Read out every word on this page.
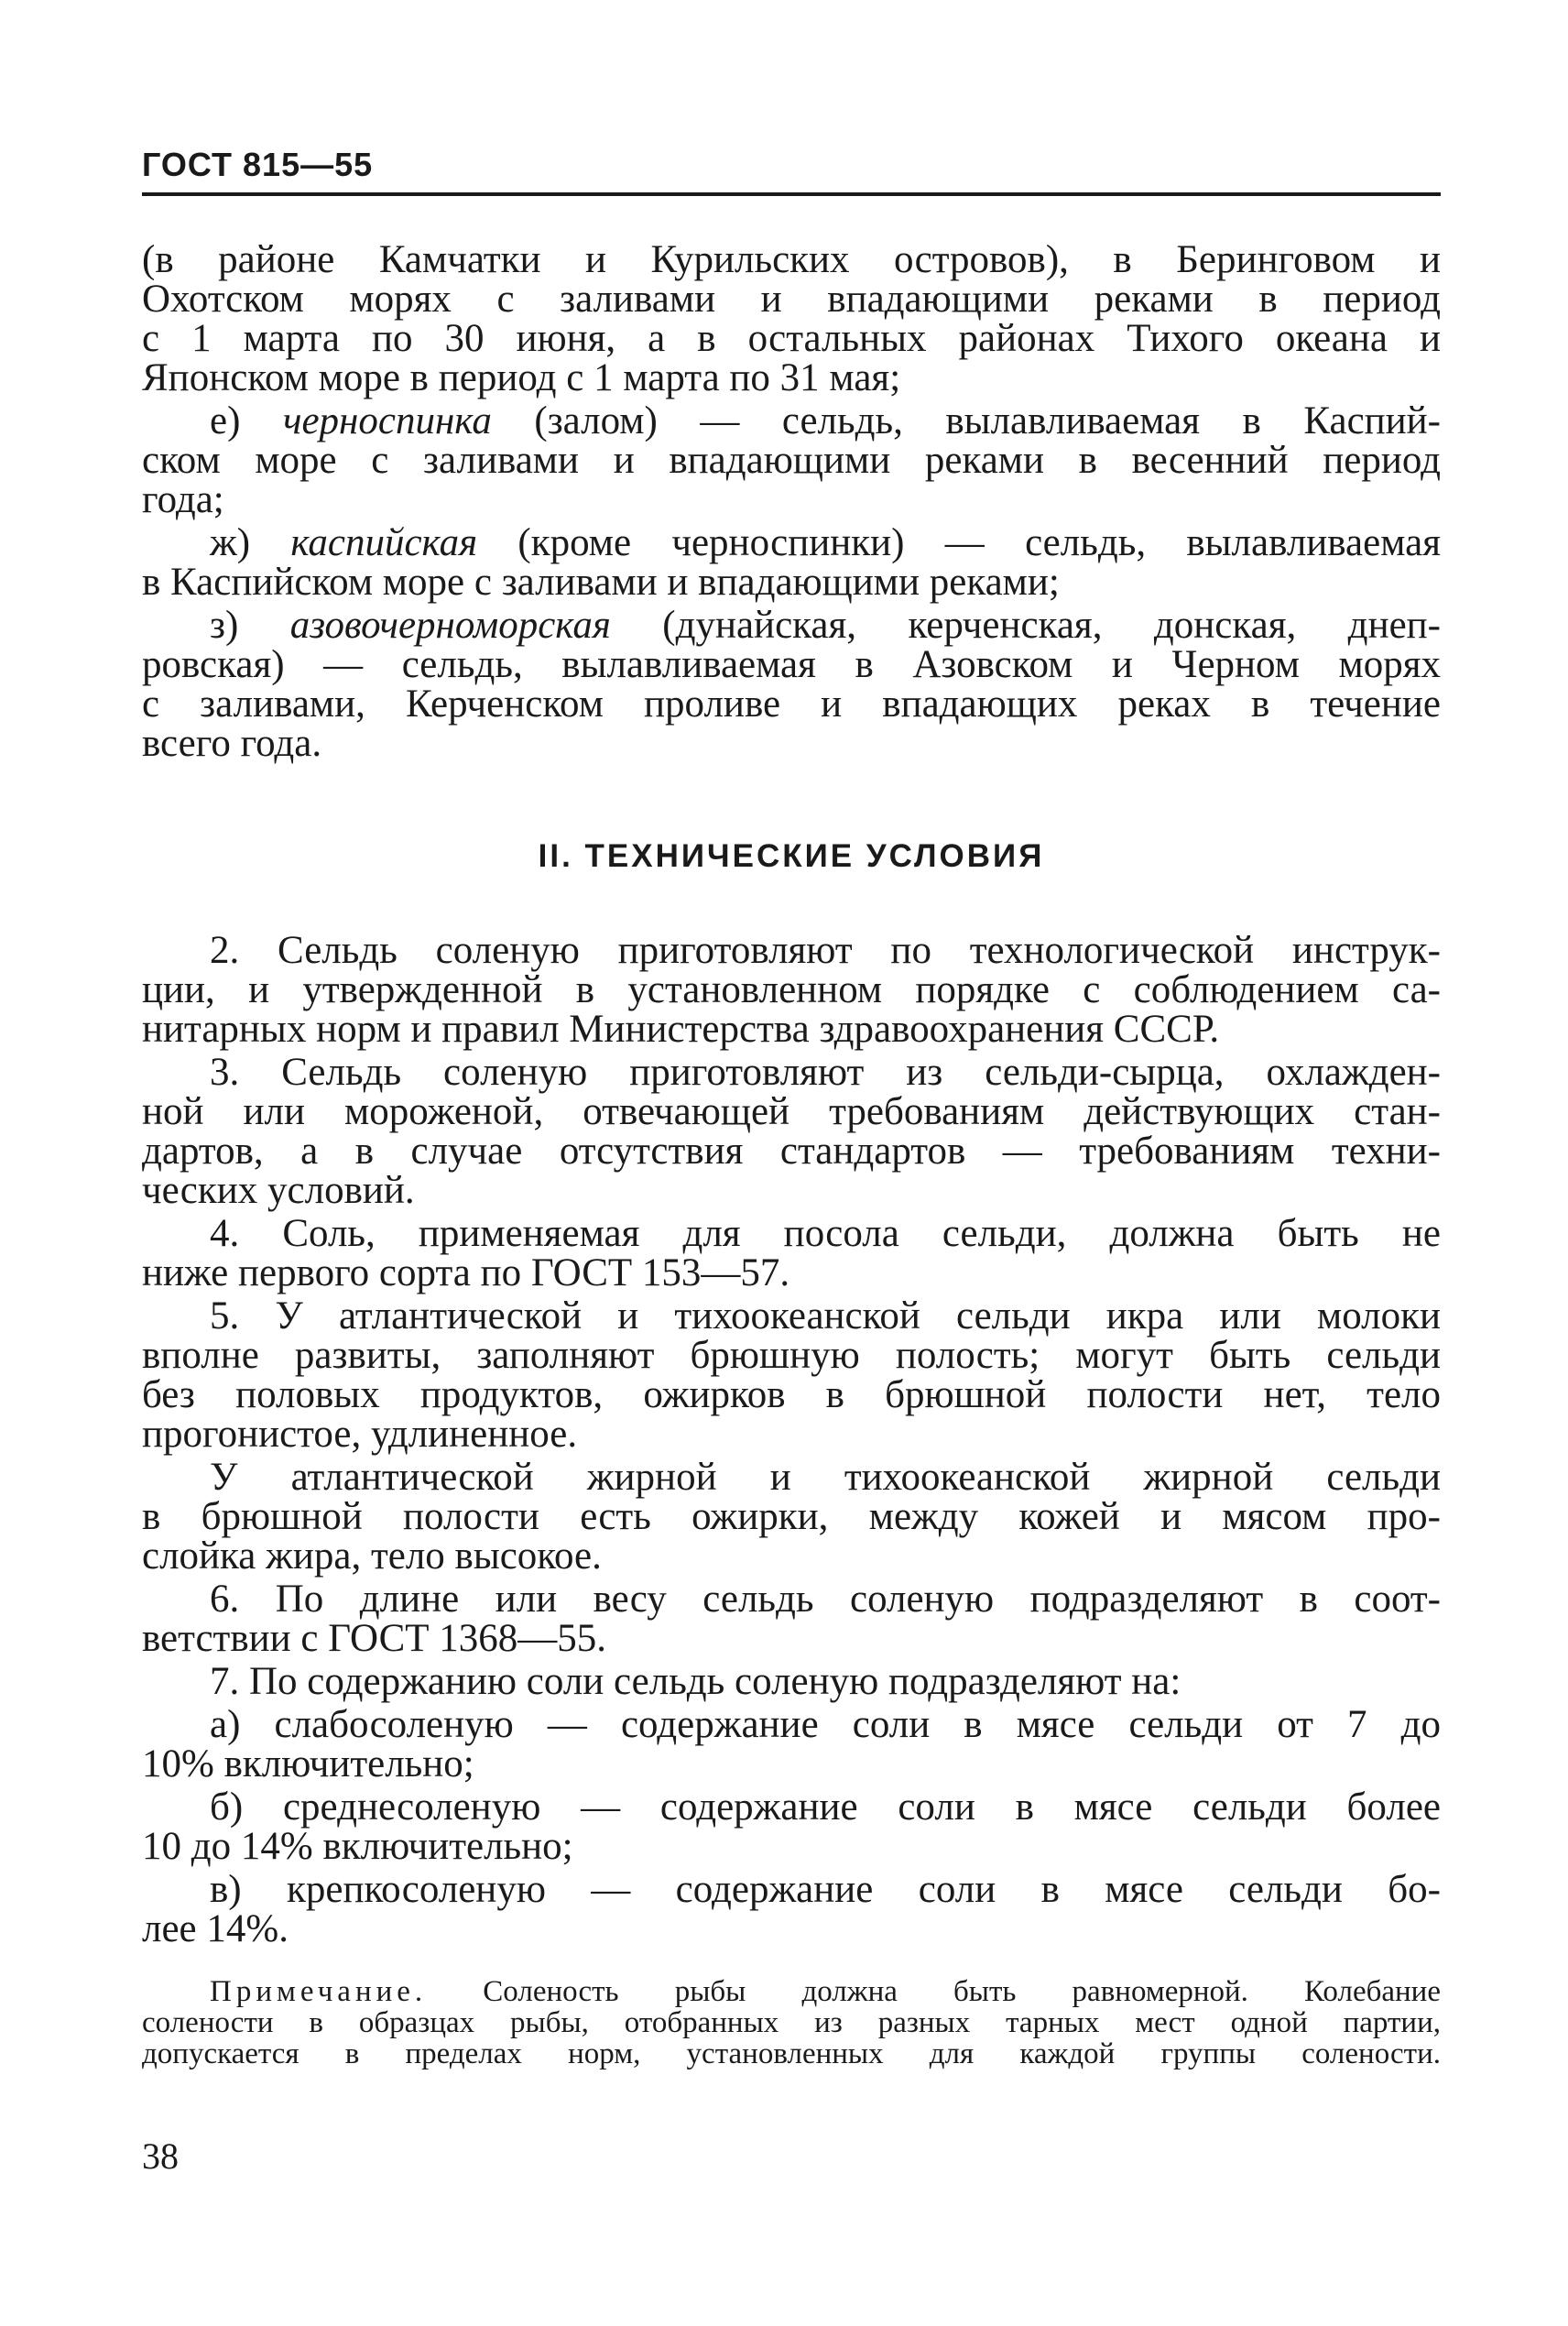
ГОСТ 815—55
(в районе Камчатки и Курильских островов), в Беринговом и
Охотском морях с заливами и впадающими реками в период
с 1 марта по 30 июня, а в остальных районах Тихого океана и
Японском море в период с 1 марта по 31 мая;
е) черноспинка (залом) — сельдь, вылавливаемая в Каспий-
ском море с заливами и впадающими реками в весенний период
года;
ж) каспийская (кроме черноспинки) — сельдь, вылавливаемая
в Каспийском море с заливами и впадающими реками;
з) азовочерноморская (дунайская, керченская, донская, днеп-
ровская) — сельдь, вылавливаемая в Азовском и Черном морях
с заливами, Керченском проливе и впадающих реках в течение
всего года.
II. ТЕХНИЧЕСКИЕ УСЛОВИЯ
2. Сельдь соленую приготовляют по технологической инструк-
ции, и утвержденной в установленном порядке с соблюдением са-
нитарных норм и правил Министерства здравоохранения СССР.
3. Сельдь соленую приготовляют из сельди-сырца, охлажден-
ной или мороженой, отвечающей требованиям действующих стан-
дартов, а в случае отсутствия стандартов — требованиям техни-
ческих условий.
4. Соль, применяемая для посола сельди, должна быть не
ниже первого сорта по ГОСТ 153—57.
5. У атлантической и тихоокеанской сельди икра или молоки
вполне развиты, заполняют брюшную полость; могут быть сельди
без половых продуктов, ожирков в брюшной полости нет, тело
прогонистое, удлиненное.
У атлантической жирной и тихоокеанской жирной сельди
в брюшной полости есть ожирки, между кожей и мясом про-
слойка жира, тело высокое.
6. По длине или весу сельдь соленую подразделяют в соот-
ветствии с ГОСТ 1368—55.
7. По содержанию соли сельдь соленую подразделяют на:
а) слабосоленую — содержание соли в мясе сельди от 7 до
10% включительно;
б) среднесоленую — содержание соли в мясе сельди более
10 до 14% включительно;
в) крепкосоленую — содержание соли в мясе сельди бо-
лее 14%.
Примечание. Соленость рыбы должна быть равномерной. Колебание
солености в образцах рыбы, отобранных из разных тарных мест одной партии,
допускается в пределах норм, установленных для каждой группы солености.
38
